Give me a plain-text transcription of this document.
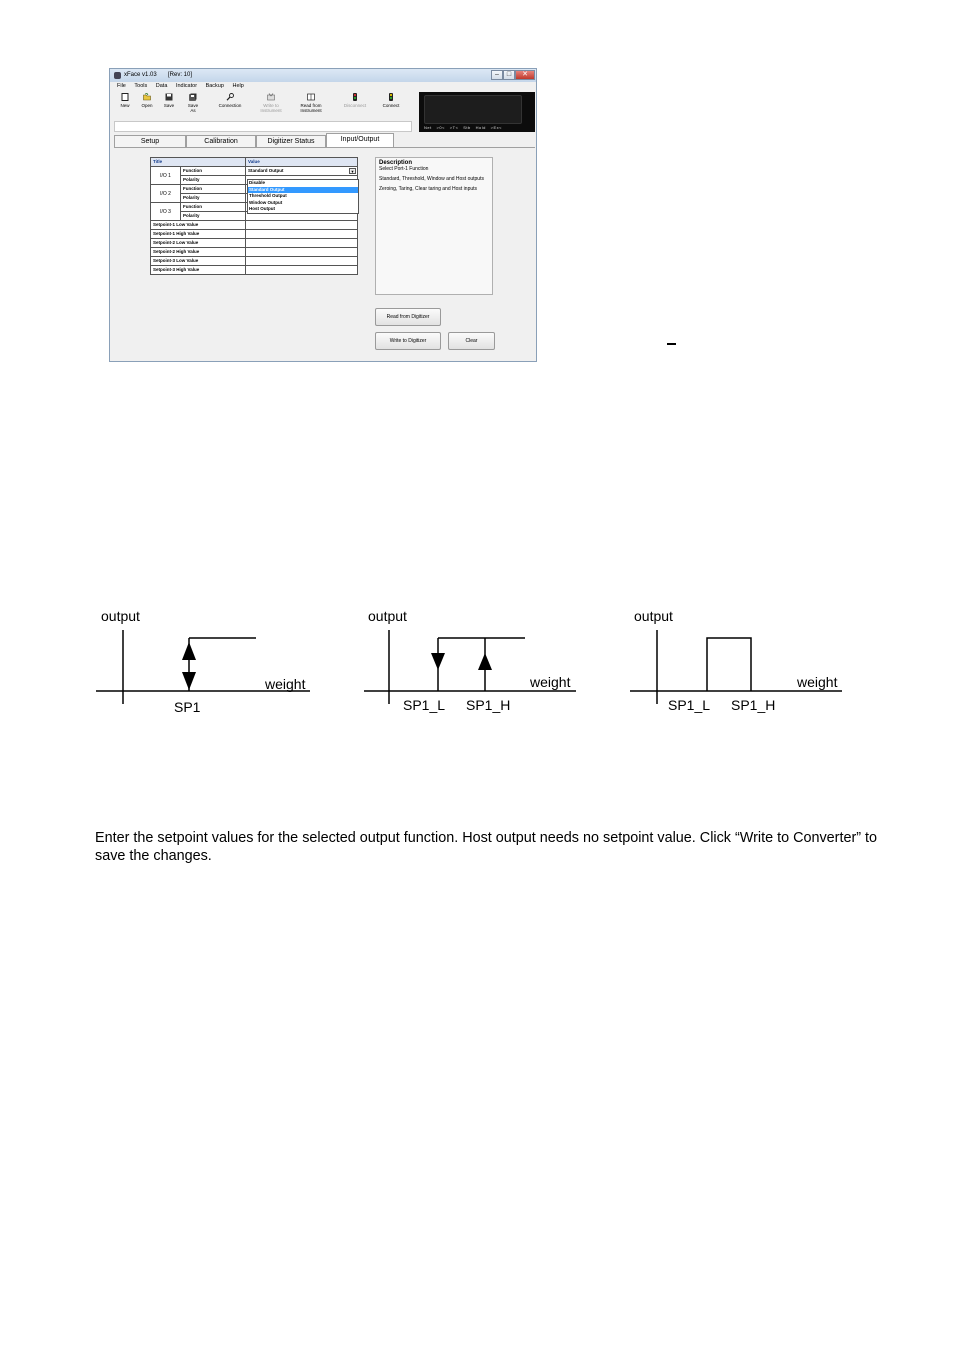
xFace v1.03 [Rev: 10]	–	□	✕
File Tools Data Indicator Backup Help
New	Open	Save	Save As
Connection	Write to Instrument
Read from Instrument
Disconnect	Connect
Net   >0<   >T<   Stb   Hold   >Ex<
Setup	Calibration	Digitizer Status	Input/Output
Title		Value
I/O 1	Function	Standard Output ▼

	Polarity	
I/O 2	Function	
	Polarity	
I/O 3	Function	
	Polarity	
Setpoint-1 Low Value		
Setpoint-1 High Value		
Setpoint-2 Low Value		
Setpoint-2 High Value		
Setpoint-3 Low Value		
Setpoint-3 High Value		
Disable
Standard Output
Threshold Output
Window Output
Host Output
Description

Select Port-1 Function

Standard, Threshold, Window and Host outputs

Zeroing, Taring, Clear taring and Host inputs

Read from Digitizer
Write to Digitizer	Clear
output
weight
SP1
output
weight
SP1_L SP1_H
output
weight
SP1_L SP1_H
Enter the setpoint values for the selected output function. Host output needs no setpoint value. Click “Write to Converter” to save the changes.
